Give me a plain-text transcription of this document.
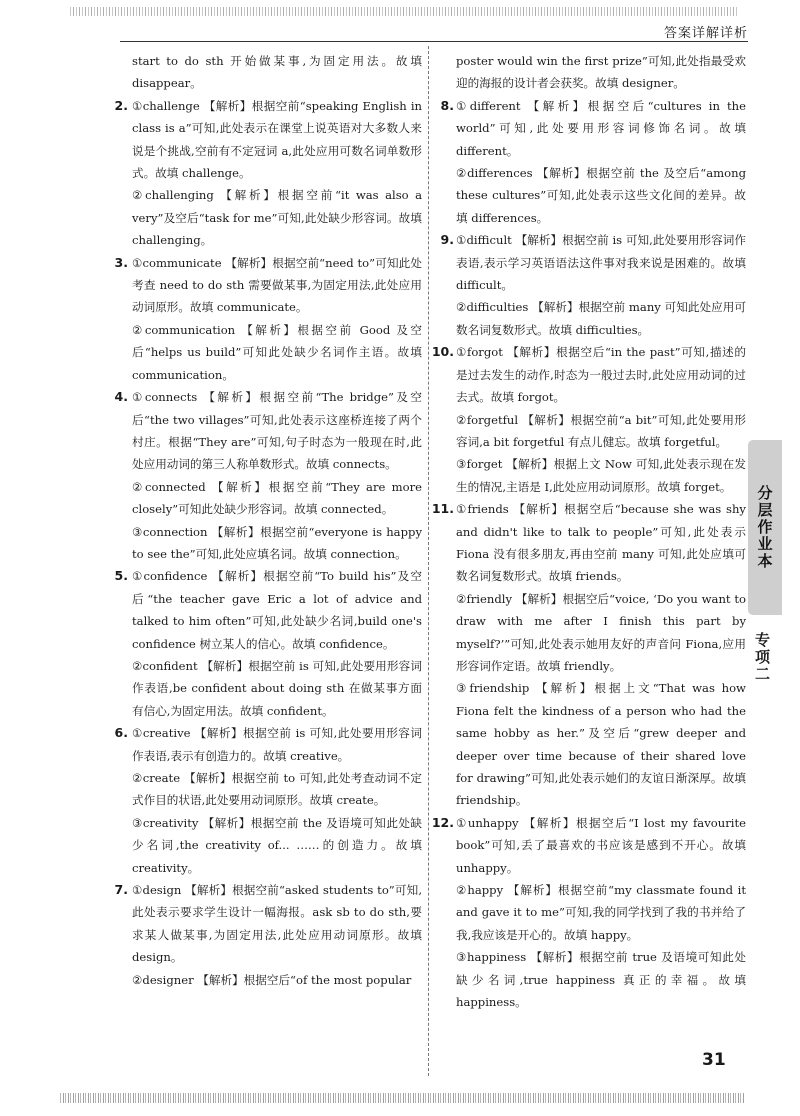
答案详解详析
start to do sth 开始做某事,为固定用法。故填 disappear。
2. ①challenge 【解析】根据空前“speaking English in class is a”可知,此处表示在课堂上说英语对大多数人来说是个挑战,空前有不定冠词 a,此处应用可数名词单数形式。故填 challenge。
②challenging 【解析】根据空前“it was also a very”及空后“task for me”可知,此处缺少形容词。故填 challenging。
3. ①communicate 【解析】根据空前“need to”可知此处考查 need to do sth 需要做某事,为固定用法,此处应用动词原形。故填 communicate。
②communication 【解析】根据空前 Good 及空后“helps us build”可知此处缺少名词作主语。故填 communication。
4. ①connects 【解析】根据空前“The bridge”及空后“the two villages”可知,此处表示这座桥连接了两个村庄。根据“They are”可知,句子时态为一般现在时,此处应用动词的第三人称单数形式。故填 connects。
②connected 【解析】根据空前“They are more closely”可知此处缺少形容词。故填 connected。
③connection 【解析】根据空前“everyone is happy to see the”可知,此处应填名词。故填 connection。
5. ①confidence 【解析】根据空前“To build his”及空后“the teacher gave Eric a lot of advice and talked to him often”可知,此处缺少名词,build one's confidence 树立某人的信心。故填 confidence。
②confident 【解析】根据空前 is 可知,此处要用形容词作表语,be confident about doing sth 在做某事方面有信心,为固定用法。故填 confident。
6. ①creative 【解析】根据空前 is 可知,此处要用形容词作表语,表示有创造力的。故填 creative。
②create 【解析】根据空前 to 可知,此处考查动词不定式作目的状语,此处要用动词原形。故填 create。
③creativity 【解析】根据空前 the 及语境可知此处缺少名词,the creativity of... ……的创造力。故填 creativity。
7. ①design 【解析】根据空前“asked students to”可知,此处表示要求学生设计一幅海报。ask sb to do sth,要求某人做某事,为固定用法,此处应用动词原形。故填 design。
②designer 【解析】根据空后“of the most popular
poster would win the first prize”可知,此处指最受欢迎的海报的设计者会获奖。故填 designer。
8. ①different 【解析】根据空后“cultures in the world”可知,此处要用形容词修饰名词。故填 different。
②differences 【解析】根据空前 the 及空后“among these cultures”可知,此处表示这些文化间的差异。故填 differences。
9. ①difficult 【解析】根据空前 is 可知,此处要用形容词作表语,表示学习英语语法这件事对我来说是困难的。故填 difficult。
②difficulties 【解析】根据空前 many 可知此处应用可数名词复数形式。故填 difficulties。
10. ①forgot 【解析】根据空后“in the past”可知,描述的是过去发生的动作,时态为一般过去时,此处应用动词的过去式。故填 forgot。
②forgetful 【解析】根据空前“a bit”可知,此处要用形容词,a bit forgetful 有点儿健忘。故填 forgetful。
③forget 【解析】根据上文 Now 可知,此处表示现在发生的情况,主语是 I,此处应用动词原形。故填 forget。
11. ①friends 【解析】根据空后“because she was shy and didn't like to talk to people”可知,此处表示 Fiona 没有很多朋友,再由空前 many 可知,此处应填可数名词复数形式。故填 friends。
②friendly 【解析】根据空后“voice, ‘Do you want to draw with me after I finish this part by myself?’”可知,此处表示她用友好的声音问 Fiona,应用形容词作定语。故填 friendly。
③friendship 【解析】根据上文“That was how Fiona felt the kindness of a person who had the same hobby as her.”及空后“grew deeper and deeper over time because of their shared love for drawing”可知,此处表示她们的友谊日渐深厚。故填 friendship。
12. ①unhappy 【解析】根据空后“I lost my favourite book”可知,丢了最喜欢的书应该是感到不开心。故填 unhappy。
②happy 【解析】根据空前“my classmate found it and gave it to me”可知,我的同学找到了我的书并给了我,我应该是开心的。故填 happy。
③happiness 【解析】根据空前 true 及语境可知此处缺少名词,true happiness 真正的幸福。故填 happiness。
分层作业本
专项二
31
